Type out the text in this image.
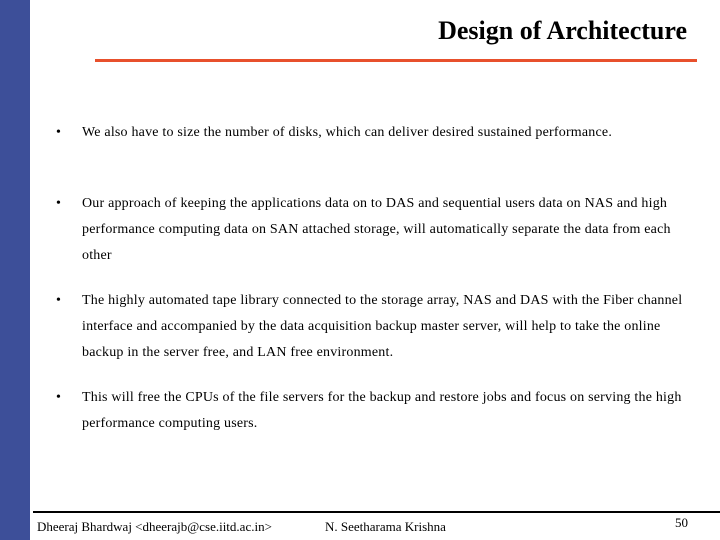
Design of Architecture
• We also have to size the number of disks, which can deliver desired sustained performance.
• Our approach of keeping the applications data on to DAS and sequential users data on NAS and high performance computing data on SAN attached storage, will automatically separate the data from each other
• The highly automated tape library connected to the storage array, NAS and DAS with the Fiber channel interface and accompanied by the data acquisition backup master server, will help to take the online backup in the server free, and LAN free environment.
• This will free the CPUs of the file servers for the backup and restore jobs and focus on serving the high performance computing users.
Dheeraj Bhardwaj <dheerajb@cse.iitd.ac.in>	N. Seetharama Krishna	50
